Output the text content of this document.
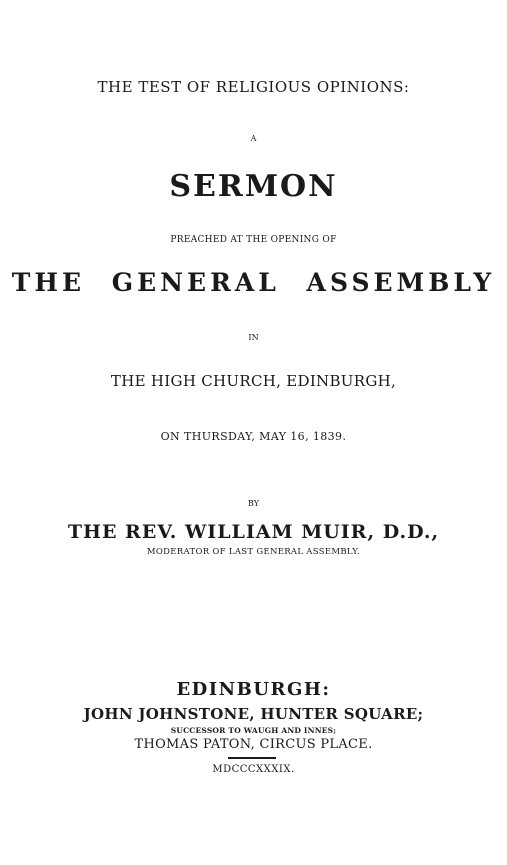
THE TEST OF RELIGIOUS OPINIONS:
A
SERMON
PREACHED AT THE OPENING OF
THE GENERAL ASSEMBLY
IN
THE HIGH CHURCH, EDINBURGH,
ON THURSDAY, MAY 16, 1839.
BY
THE REV. WILLIAM MUIR, D.D.,
MODERATOR OF LAST GENERAL ASSEMBLY.
EDINBURGH:
JOHN JOHNSTONE, HUNTER SQUARE;
SUCCESSOR TO WAUGH AND INNES;
THOMAS PATON, CIRCUS PLACE.
MDCCCXXXIX.
